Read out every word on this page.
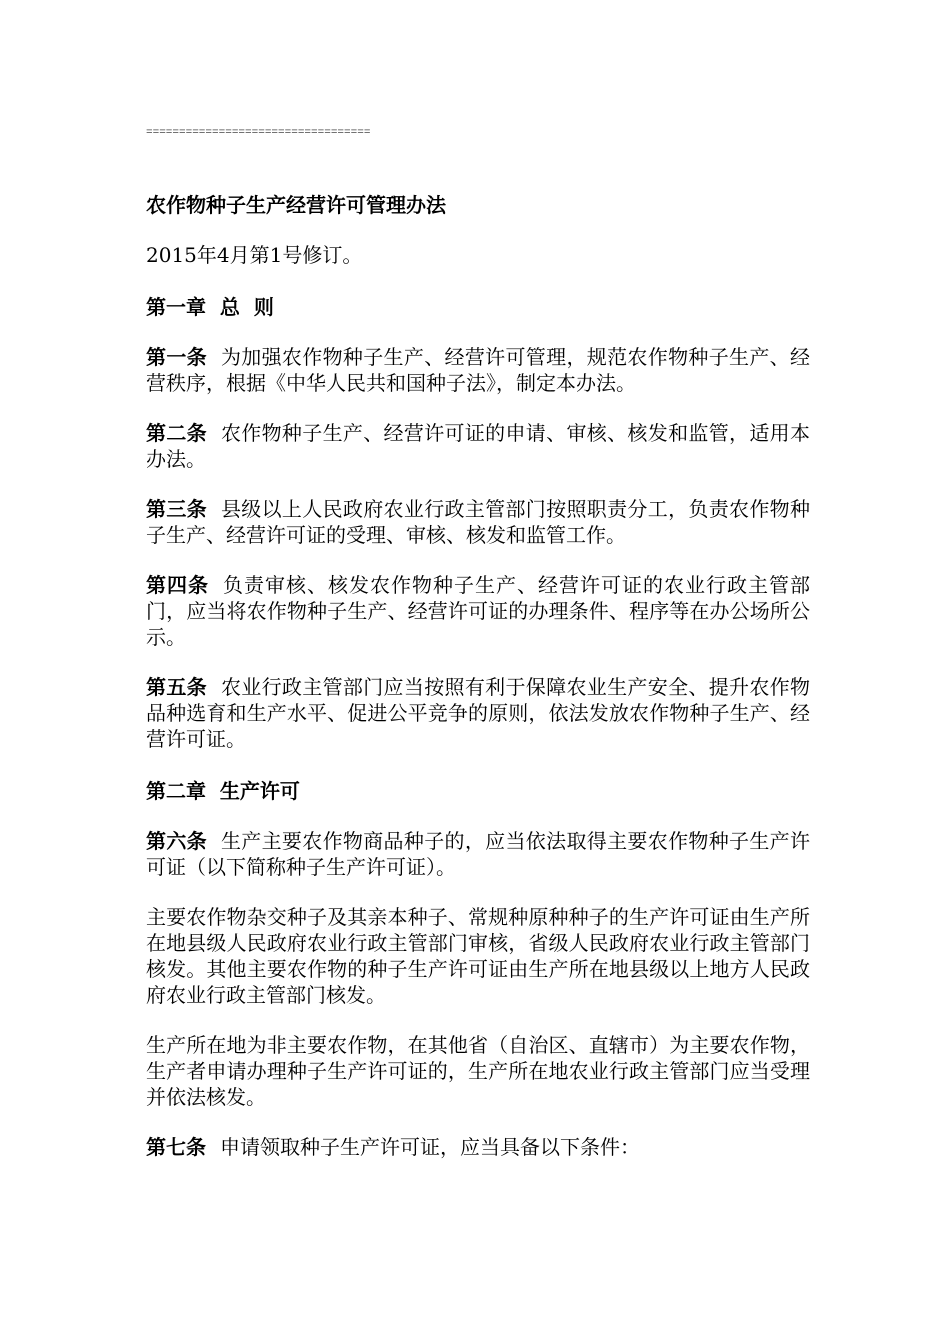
==================================
农作物种子生产经营许可管理办法
2015年4月第1号修订。
第一章  总  则
第一条 为加强农作物种子生产、经营许可管理，规范农作物种子生产、经营秩序，根据《中华人民共和国种子法》，制定本办法。
第二条 农作物种子生产、经营许可证的申请、审核、核发和监管，适用本办法。
第三条 县级以上人民政府农业行政主管部门按照职责分工，负责农作物种子生产、经营许可证的受理、审核、核发和监管工作。
第四条 负责审核、核发农作物种子生产、经营许可证的农业行政主管部门，应当将农作物种子生产、经营许可证的办理条件、程序等在办公场所公示。
第五条 农业行政主管部门应当按照有利于保障农业生产安全、提升农作物品种选育和生产水平、促进公平竞争的原则，依法发放农作物种子生产、经营许可证。
第二章  生产许可
第六条 生产主要农作物商品种子的，应当依法取得主要农作物种子生产许可证（以下简称种子生产许可证）。
主要农作物杂交种子及其亲本种子、常规种原种种子的生产许可证由生产所在地县级人民政府农业行政主管部门审核，省级人民政府农业行政主管部门核发。其他主要农作物的种子生产许可证由生产所在地县级以上地方人民政府农业行政主管部门核发。
生产所在地为非主要农作物，在其他省（自治区、直辖市）为主要农作物，生产者申请办理种子生产许可证的，生产所在地农业行政主管部门应当受理并依法核发。
第七条 申请领取种子生产许可证，应当具备以下条件：
